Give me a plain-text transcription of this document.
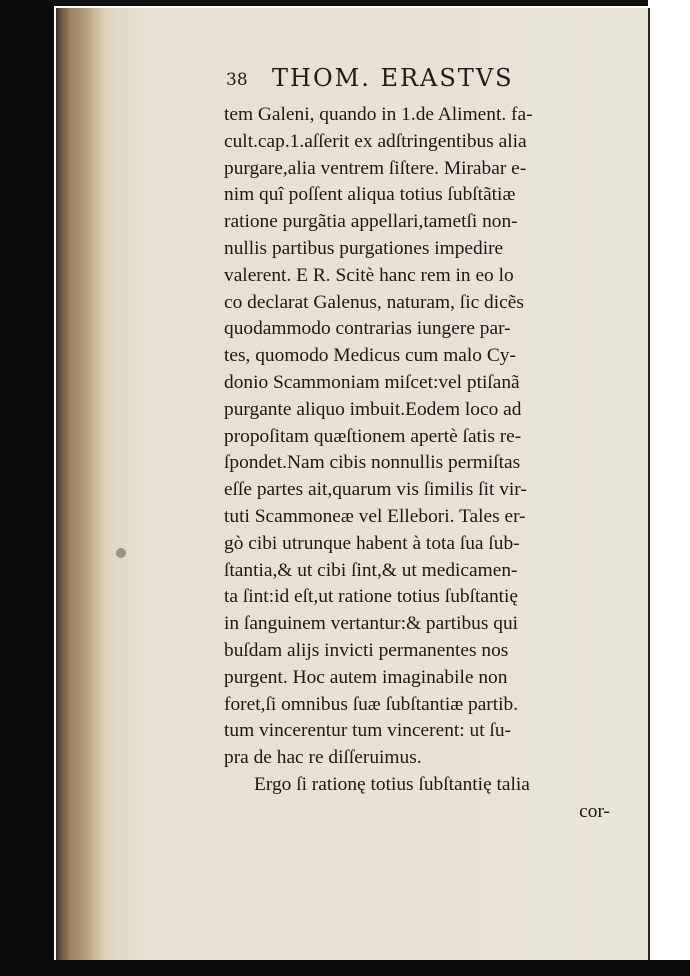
38 THOM. ERASTVS
tem Galeni, quando in 1.de Aliment. fa-
cult.cap.1.aſſerit ex adſtringentibus alia
purgare,alia ventrem ſiſtere. Mirabar e-
nim quî poſſent aliqua totius ſubſtãtiæ
ratione purgãtia appellari,tametſi non-
nullis partibus purgationes impedire
valerent. E R. Scitè hanc rem in eo lo
co declarat Galenus, naturam, ſic dicẽs
quodammodo contrarias iungere par-
tes, quomodo Medicus cum malo Cy-
donio Scammoniam miſcet:vel ptiſanã
purgante aliquo imbuit.Eodem loco ad
propoſitam quæſtionem apertè ſatis re-
ſpondet.Nam cibis nonnullis permiſtas
eſſe partes ait,quarum vis ſimilis ſit vir-
tuti Scammoneæ vel Ellebori. Tales er-
gò cibi utrunque habent à tota ſua ſub-
ſtantia,& ut cibi ſint,& ut medicamen-
ta ſint:id eſt,ut ratione totius ſubſtantię
in ſanguinem vertantur:& partibus qui
buſdam alijs invicti permanentes nos
purgent. Hoc autem imaginabile non
foret,ſi omnibus ſuæ ſubſtantiæ partib.
tum vincerentur tum vincerent: ut ſu-
pra de hac re diſſeruimus.
Ergo ſi rationę totius ſubſtantię talia
cor-
